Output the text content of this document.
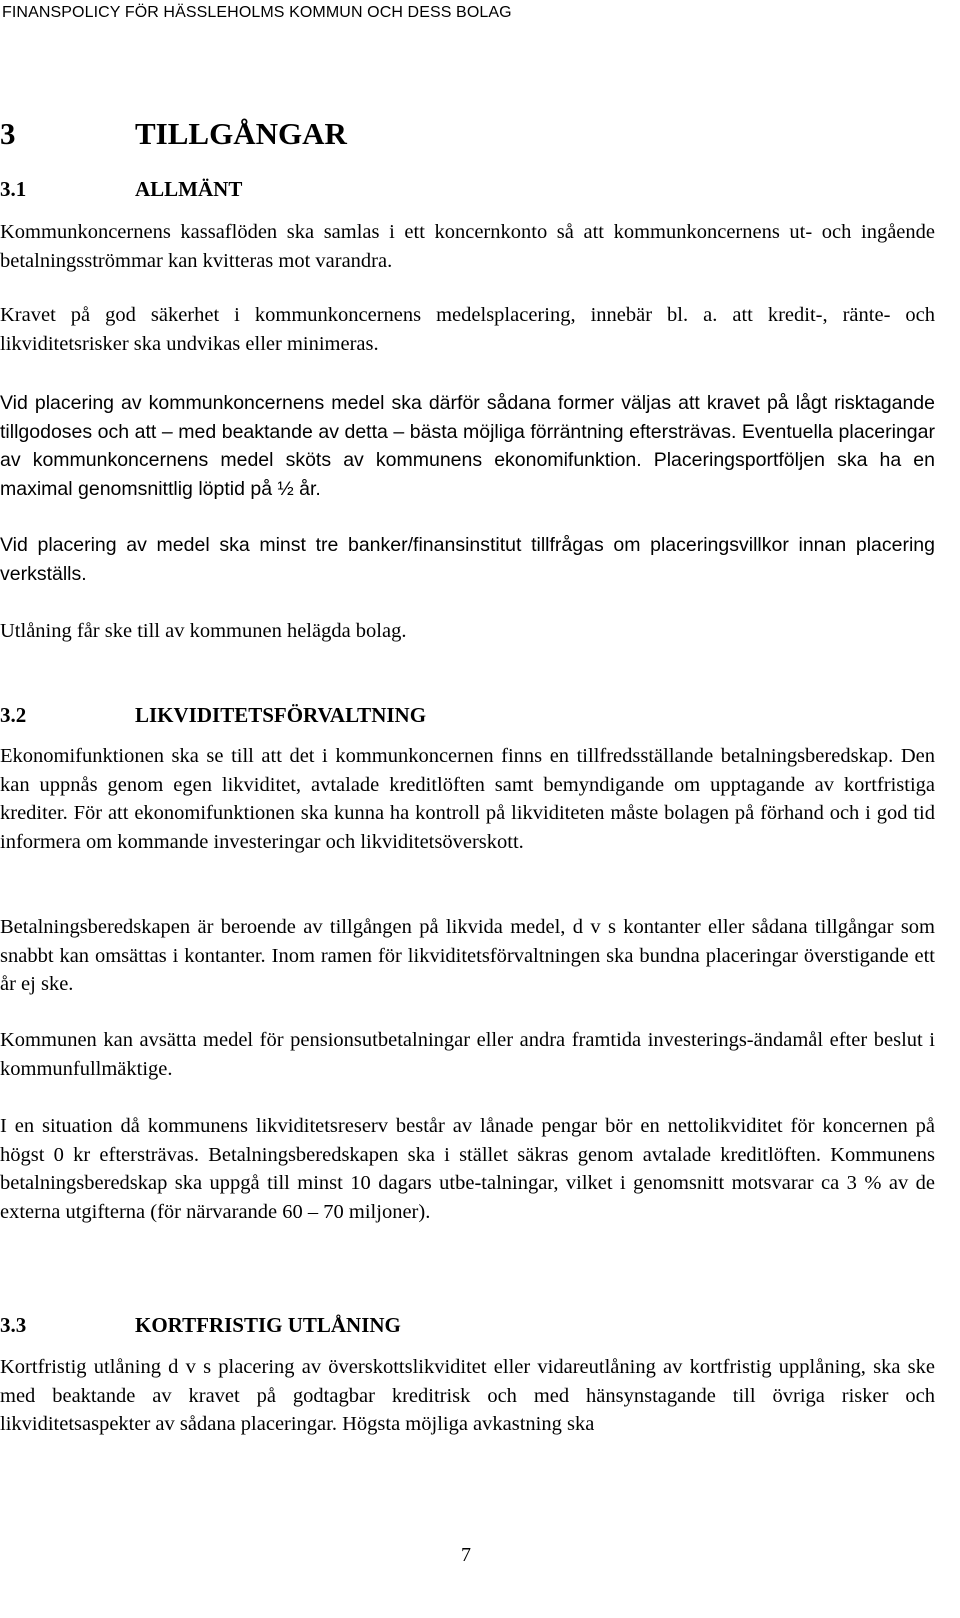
FINANSPOLICY FÖR HÄSSLEHOLMS KOMMUN OCH DESS BOLAG
3	TILLGÅNGAR
3.1	ALLMÄNT
Kommunkoncernens kassaflöden ska samlas i ett koncernkonto så att kommunkoncernens ut- och ingående betalningsströmmar kan kvitteras mot varandra.
Kravet på god säkerhet i kommunkoncernens medelsplacering, innebär bl. a. att kredit-, ränte- och likviditetsrisker ska undvikas eller minimeras.
Vid placering av kommunkoncernens medel ska därför sådana former väljas att kravet på lågt risktagande tillgodoses och att – med beaktande av detta – bästa möjliga förräntning eftersträvas. Eventuella placeringar av kommunkoncernens medel sköts av kommunens ekonomifunktion. Placeringsportföljen ska ha en maximal genomsnittlig löptid på ½ år.
Vid placering av medel ska minst tre banker/finansinstitut tillfrågas om placeringsvillkor innan placering verkställs.
Utlåning får ske till av kommunen helägda bolag.
3.2	LIKVIDITETSFÖRVALTNING
Ekonomifunktionen ska se till att det i kommunkoncernen finns en tillfredsställande betalningsberedskap. Den kan uppnås genom egen likviditet, avtalade kreditlöften samt bemyndigande om upptagande av kortfristiga krediter. För att ekonomifunktionen ska kunna ha kontroll på likviditeten måste bolagen på förhand och i god tid informera om kommande investeringar och likviditetsöverskott.
Betalningsberedskapen är beroende av tillgången på likvida medel, d v s kontanter eller sådana tillgångar som snabbt kan omsättas i kontanter. Inom ramen för likviditetsförvaltningen ska bundna placeringar överstigande ett år ej ske.
Kommunen kan avsätta medel för pensionsutbetalningar eller andra framtida investerings-ändamål efter beslut i kommunfullmäktige.
I en situation då kommunens likviditetsreserv består av lånade pengar bör en nettolikviditet för koncernen på högst 0 kr eftersträvas. Betalningsberedskapen ska i stället säkras genom avtalade kreditlöften. Kommunens betalningsberedskap ska uppgå till minst 10 dagars utbe-talningar, vilket i genomsnitt motsvarar ca 3 % av de externa utgifterna (för närvarande 60 – 70 miljoner).
3.3	KORTFRISTIG UTLÅNING
Kortfristig utlåning d v s placering av överskottslikviditet eller vidareutlåning av kortfristig upplåning, ska ske med beaktande av kravet på godtagbar kreditrisk och med hänsynstagande till övriga risker och likviditetsaspekter av sådana placeringar. Högsta möjliga avkastning ska
7
